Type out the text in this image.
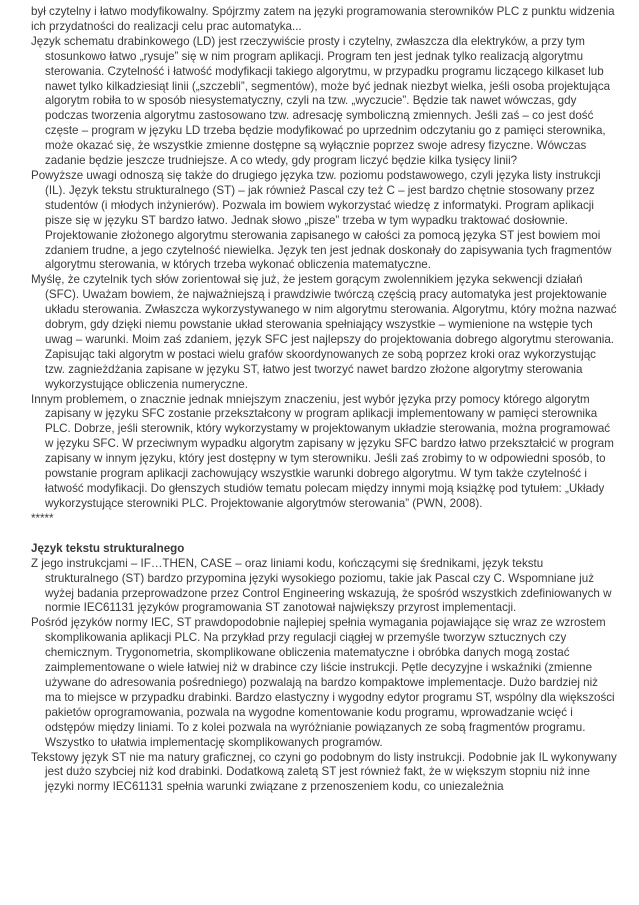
był czytelny i łatwo modyfikowalny. Spójrzmy zatem na języki programowania sterowników PLC z punktu widzenia ich przydatności do realizacji celu prac automatyka...

Język schematu drabinkowego (LD) jest rzeczywiście prosty i czytelny, zwłaszcza dla elektryków, a przy tym stosunkowo łatwo „rysuje” się w nim program aplikacji. Program ten jest jednak tylko realizacją algorytmu sterowania. Czytelność i łatwość modyfikacji takiego algorytmu, w przypadku programu liczącego kilkaset lub nawet tylko kilkadziesiąt linii („szczebli”, segmentów), może być jednak niezbyt wielka, jeśli osoba projektująca algorytm robiła to w sposób niesystematyczny, czyli na tzw. „wyczucie”. Będzie tak nawet wówczas, gdy podczas tworzenia algorytmu zastosowano tzw. adresację symboliczną zmiennych. Jeśli zaś – co jest dość częste – program w języku LD trzeba będzie modyfikować po uprzednim odczytaniu go z pamięci sterownika, może okazać się, że wszystkie zmienne dostępne są wyłącznie poprzez swoje adresy fizyczne. Wówczas zadanie będzie jeszcze trudniejsze. A co wtedy, gdy program liczyć będzie kilka tysięcy linii?

Powyższe uwagi odnoszą się także do drugiego języka tzw. poziomu podstawowego, czyli języka listy instrukcji (IL). Język tekstu strukturalnego (ST) – jak również Pascal czy też C – jest bardzo chętnie stosowany przez studentów (i młodych inżynierów). Pozwala im bowiem wykorzystać wiedzę z informatyki. Program aplikacji pisze się w języku ST bardzo łatwo. Jednak słowo „pisze” trzeba w tym wypadku traktować dosłownie. Projektowanie złożonego algorytmu sterowania zapisanego w całości za pomocą języka ST jest bowiem moi zdaniem trudne, a jego czytelność niewielka. Język ten jest jednak doskonały do zapisywania tych fragmentów algorytmu sterowania, w których trzeba wykonać obliczenia matematyczne.

Myślę, że czytelnik tych słów zorientował się już, że jestem gorącym zwolennikiem języka sekwencji działań (SFC). Uważam bowiem, że najważniejszą i prawdziwie twórczą częścią pracy automatyka jest projektowanie układu sterowania. Zwłaszcza wykorzystywanego w nim algorytmu sterowania. Algorytmu, który można nazwać dobrym, gdy dzięki niemu powstanie układ sterowania spełniający wszystkie – wymienione na wstępie tych uwag – warunki. Moim zaś zdaniem, język SFC jest najlepszy do projektowania dobrego algorytmu sterowania. Zapisując taki algorytm w postaci wielu grafów skoordynowanych ze sobą poprzez kroki oraz wykorzystując tzw. zagnieżdżania zapisane w języku ST, łatwo jest tworzyć nawet bardzo złożone algorytmy sterowania wykorzystujące obliczenia numeryczne.

Innym problemem, o znacznie jednak mniejszym znaczeniu, jest wybór języka przy pomocy którego algorytm zapisany w języku SFC zostanie przekształcony w program aplikacji implementowany w pamięci sterownika PLC. Dobrze, jeśli sterownik, który wykorzystamy w projektowanym układzie sterowania, można programować w języku SFC. W przeciwnym wypadku algorytm zapisany w języku SFC bardzo łatwo przekształcić w program zapisany w innym języku, który jest dostępny w tym sterowniku. Jeśli zaś zrobimy to w odpowiedni sposób, to powstanie program aplikacji zachowujący wszystkie warunki dobrego algorytmu. W tym także czytelność i łatwość modyfikacji. Do głenszych studiów tematu polecam między innymi moją książkę pod tytułem: „Układy wykorzystujące sterowniki PLC. Projektowanie algorytmów sterowania” (PWN, 2008).

*****

Język tekstu strukturalnego

Z jego instrukcjami – IF…THEN, CASE – oraz liniami kodu, kończącymi się średnikami, język tekstu strukturalnego (ST) bardzo przypomina języki wysokiego poziomu, takie jak Pascal czy C. Wspomniane już wyżej badania przeprowadzone przez Control Engineering wskazują, że spośród wszystkich zdefiniowanych w normie IEC61131 języków programowania ST zanotował największy przyrost implementacji.

Pośród języków normy IEC, ST prawdopodobnie najlepiej spełnia wymagania pojawiające się wraz ze wzrostem skomplikowania aplikacji PLC. Na przykład przy regulacji ciągłej w przemyśle tworzyw sztucznych czy chemicznym. Trygonometria, skomplikowane obliczenia matematyczne i obróbka danych mogą zostać zaimplementowane o wiele łatwiej niż w drabince czy liście instrukcji. Pętle decyzyjne i wskaźniki (zmienne używane do adresowania pośredniego) pozwalają na bardzo kompaktowe implementacje. Dużo bardziej niż ma to miejsce w przypadku drabinki. Bardzo elastyczny i wygodny edytor programu ST, wspólny dla większości pakietów oprogramowania, pozwala na wygodne komentowanie kodu programu, wprowadzanie wcięć i odstępów między liniami. To z kolei pozwala na wyróżnianie powiązanych ze sobą fragmentów programu. Wszystko to ułatwia implementację skomplikowanych programów.

Tekstowy język ST nie ma natury graficznej, co czyni go podobnym do listy instrukcji. Podobnie jak IL wykonywany jest dużo szybciej niż kod drabinki. Dodatkową zaletą ST jest również fakt, że w większym stopniu niż inne języki normy IEC61131 spełnia warunki związane z przenoszeniem kodu, co uniezależnia
